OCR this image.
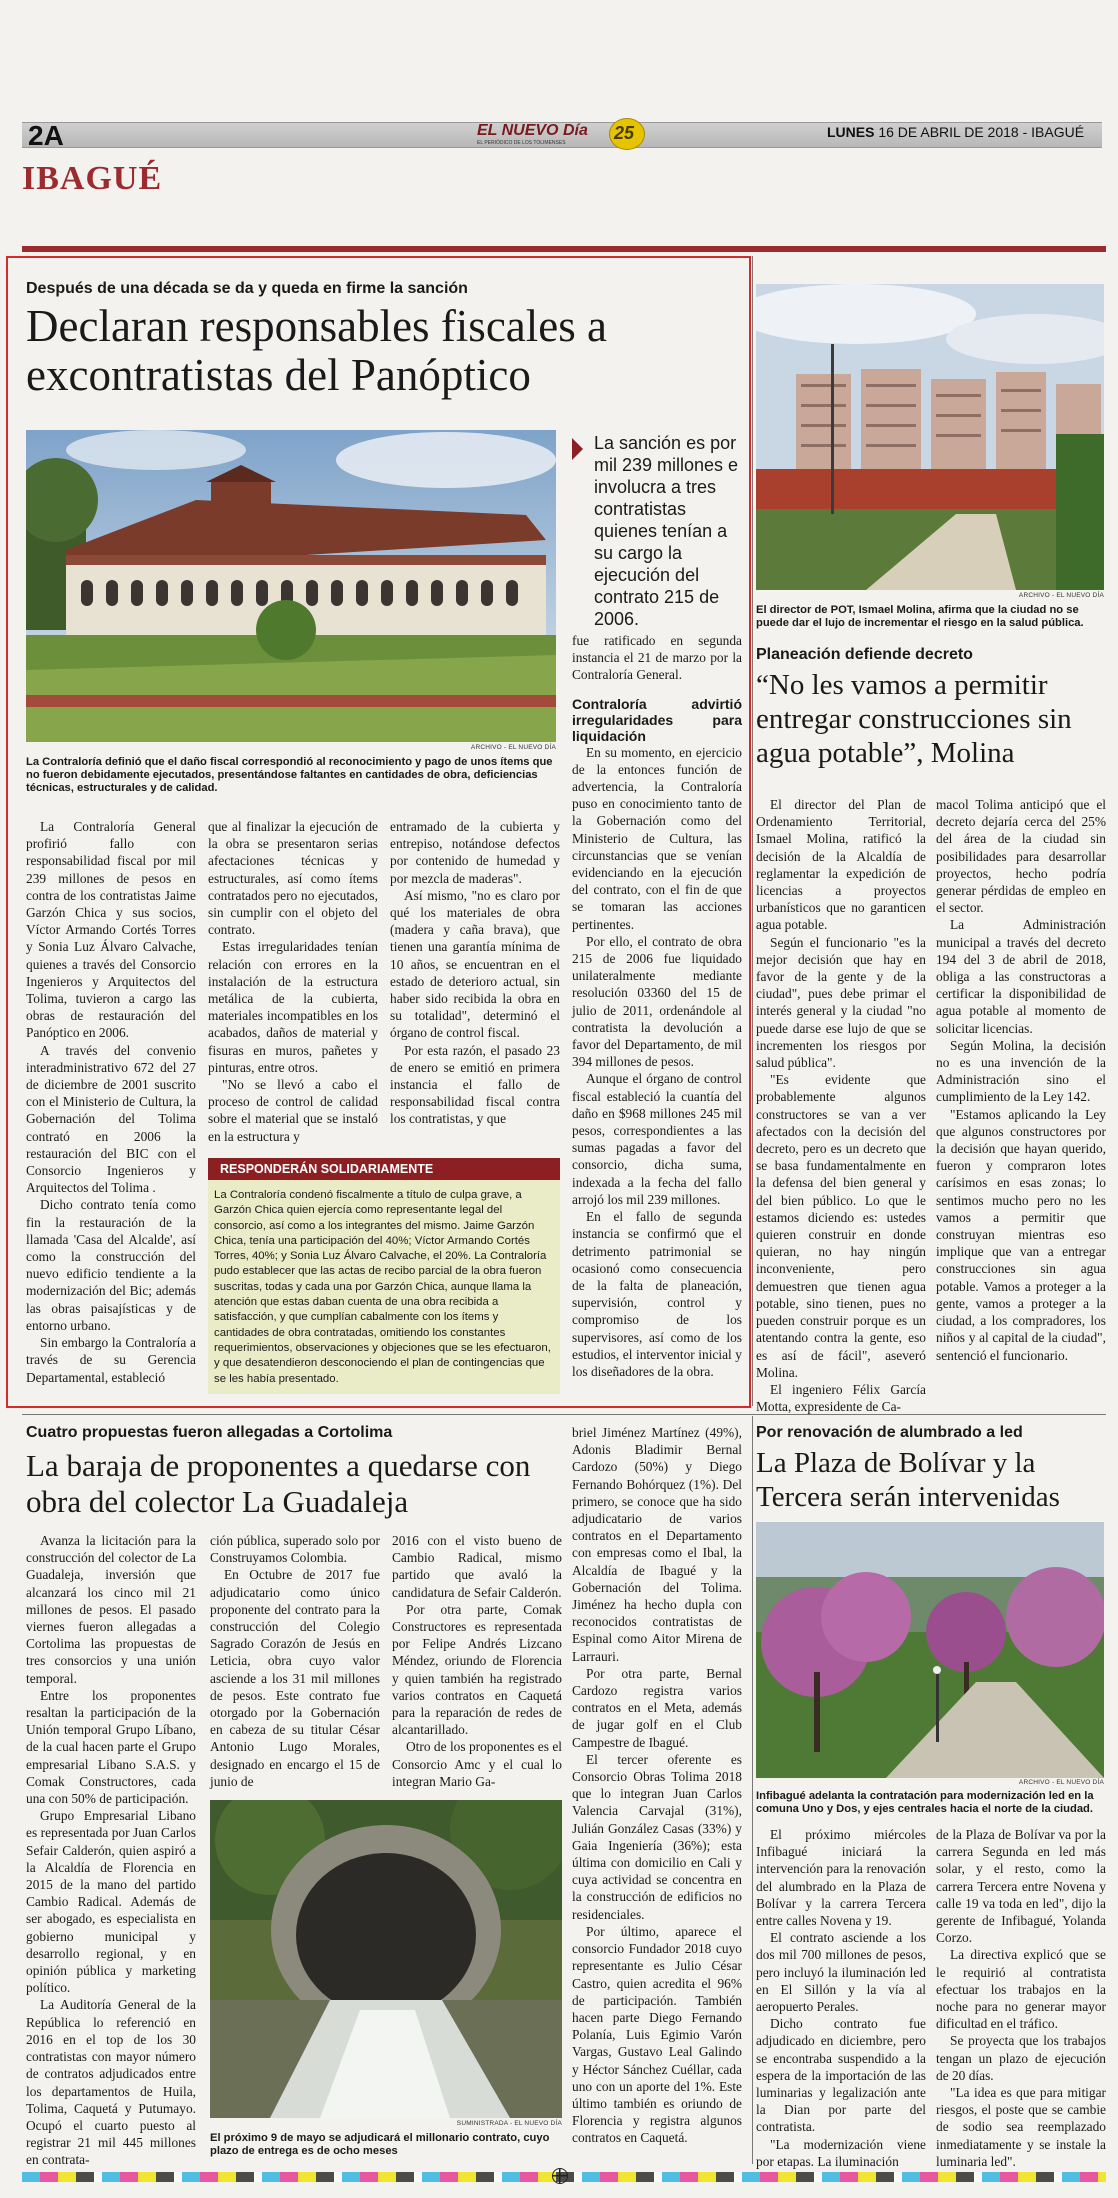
2A	EL NUEVO Día
EL PERIÓDICO DE LOS TOLIMENSES	25	LUNES 16 DE ABRIL DE 2018 - IBAGUÉ
IBAGUÉ
Después de una década se da y queda en firme la sanción
Declaran responsables fiscales a excontratistas del Panóptico
ARCHIVO - EL NUEVO DÍA
La Contraloría definió que el daño fiscal correspondió al reconocimiento y pago de unos ítems que no fueron debidamente ejecutados, presentándose faltantes en cantidades de obra, deficiencias técnicas, estructurales y de calidad.
La sanción es por mil 239 millones e involucra a tres contratistas quienes tenían a su cargo la ejecución del contrato 215 de 2006.

La Contraloría General profirió fallo con responsabilidad fiscal por mil 239 millones de pesos en contra de los contratistas Jaime Garzón Chica y sus socios, Víctor Armando Cortés Torres y Sonia Luz Álvaro Calvache, quienes a través del Consorcio Ingenieros y Arquitectos del Tolima, tuvieron a cargo las obras de restauración del Panóptico en 2006.

A través del convenio interadministrativo 672 del 27 de diciembre de 2001 suscrito con el Ministerio de Cultura, la Gobernación del Tolima contrató en 2006 la restauración del BIC con el Consorcio Ingenieros y Arquitectos del Tolima .

Dicho contrato tenía como fin la restauración de la llamada 'Casa del Alcalde', así como la construcción del nuevo edificio tendiente a la modernización del Bic; además las obras paisajísticas y de entorno urbano.

Sin embargo la Contraloría a través de su Gerencia Departamental, estableció

que al finalizar la ejecución de la obra se presentaron serias afectaciones técnicas y estructurales, así como ítems contratados pero no ejecutados, sin cumplir con el objeto del contrato.

Estas irregularidades tenían relación con errores en la instalación de la estructura metálica de la cubierta, materiales incompatibles en los acabados, daños de material y fisuras en muros, pañetes y pinturas, entre otros.

"No se llevó a cabo el proceso de control de calidad sobre el material que se instaló en la estructura y

entramado de la cubierta y entrepiso, notándose defectos por contenido de humedad y por mezcla de maderas".

Así mismo, "no es claro por qué los materiales de obra (madera y caña brava), que tienen una garantía mínima de 10 años, se encuentran en el estado de deterioro actual, sin haber sido recibida la obra en su totalidad", determinó el órgano de control fiscal.

Por esta razón, el pasado 23 de enero se emitió en primera instancia el fallo de responsabilidad fiscal contra los contratistas, y que

RESPONDERÁN SOLIDARIAMENTE
La Contraloría condenó fiscalmente a título de culpa grave, a Garzón Chica quien ejercía como representante legal del consorcio, así como a los integrantes del mismo. Jaime Garzón Chica, tenía una participación del 40%; Víctor Armando Cortés Torres, 40%; y Sonia Luz Álvaro Calvache, el 20%. La Contraloría pudo establecer que las actas de recibo parcial de la obra fueron suscritas, todas y cada una por Garzón Chica, aunque llama la atención que estas daban cuenta de una obra recibida a satisfacción, y que cumplían cabalmente con los ítems y cantidades de obra contratadas, omitiendo los constantes requerimientos, observaciones y objeciones que se les efectuaron, y que desatendieron desconociendo el plan de contingencias que se les había presentado.

fue ratificado en segunda instancia el 21 de marzo por la Contraloría General.

Contraloría advirtió irregularidades para liquidación

En su momento, en ejercicio de la entonces función de advertencia, la Contraloría puso en conocimiento tanto de la Gobernación como del Ministerio de Cultura, las circunstancias que se venían evidenciando en la ejecución del contrato, con el fin de que se tomaran las acciones pertinentes.

Por ello, el contrato de obra 215 de 2006 fue liquidado unilateralmente mediante resolución 03360 del 15 de julio de 2011, ordenándole al contratista la devolución a favor del Departamento, de mil 394 millones de pesos.

Aunque el órgano de control fiscal estableció la cuantía del daño en $968 millones 245 mil pesos, correspondientes a las sumas pagadas a favor del consorcio, dicha suma, indexada a la fecha del fallo arrojó los mil 239 millones.

En el fallo de segunda instancia se confirmó que el detrimento patrimonial se ocasionó como consecuencia de la falta de planeación, supervisión, control y compromiso de los supervisores, así como de los estudios, el interventor inicial y los diseñadores de la obra.

ARCHIVO - EL NUEVO DÍA
El director de POT, Ismael Molina, afirma que la ciudad no se puede dar el lujo de incrementar el riesgo en la salud pública.
Planeación defiende decreto
“No les vamos a permitir entregar construcciones sin agua potable”, Molina

El director del Plan de Ordenamiento Territorial, Ismael Molina, ratificó la decisión de la Alcaldía de reglamentar la expedición de licencias a proyectos urbanísticos que no garanticen agua potable.

Según el funcionario "es la mejor decisión que hay en favor de la gente y de la ciudad", pues debe primar el interés general y la ciudad "no puede darse ese lujo de que se incrementen los riesgos por salud pública".

"Es evidente que probablemente algunos constructores se van a ver afectados con la decisión del decreto, pero es un decreto que se basa fundamentalmente en la defensa del bien general y del bien público. Lo que le estamos diciendo es: ustedes quieren construir en donde quieran, no hay ningún inconveniente, pero demuestren que tienen agua potable, sino tienen, pues no pueden construir porque es un atentando contra la gente, eso es así de fácil", aseveró Molina.

El ingeniero Félix García Motta, expresidente de Ca-

macol Tolima anticipó que el decreto dejaría cerca del 25% del área de la ciudad sin posibilidades para desarrollar proyectos, hecho podría generar pérdidas de empleo en el sector.

La Administración municipal a través del decreto 194 del 3 de abril de 2018, obliga a las constructoras a certificar la disponibilidad de agua potable al momento de solicitar licencias.

Según Molina, la decisión no es una invención de la Administración sino el cumplimiento de la Ley 142.

"Estamos aplicando la Ley que algunos constructores por la decisión que hayan querido, fueron y compraron lotes carísimos en esas zonas; lo sentimos mucho pero no les vamos a permitir que construyan mientras eso implique que van a entregar construcciones sin agua potable. Vamos a proteger a la gente, vamos a proteger a la ciudad, a los compradores, los niños y al capital de la ciudad", sentenció el funcionario.

Cuatro propuestas fueron allegadas a Cortolima
La baraja de proponentes a quedarse con obra del colector La Guadaleja

Avanza la licitación para la construcción del colector de La Guadaleja, inversión que alcanzará los cinco mil 21 millones de pesos. El pasado viernes fueron allegadas a Cortolima las propuestas de tres consorcios y una unión temporal.

Entre los proponentes resaltan la participación de la Unión temporal Grupo Líbano, de la cual hacen parte el Grupo empresarial Libano S.A.S. y Comak Constructores, cada una con 50% de participación.

Grupo Empresarial Libano es representada por Juan Carlos Sefair Calderón, quien aspiró a la Alcaldía de Florencia en 2015 de la mano del partido Cambio Radical. Además de ser abogado, es especialista en gobierno municipal y desarrollo regional, y en opinión pública y marketing político.

La Auditoría General de la República lo referenció en 2016 en el top de los 30 contratistas con mayor número de contratos adjudicados entre los departamentos de Huila, Tolima, Caquetá y Putumayo. Ocupó el cuarto puesto al registrar 21 mil 445 millones en contrata-

ción pública, superado solo por Construyamos Colombia.

En Octubre de 2017 fue adjudicatario como único proponente del contrato para la construcción del Colegio Sagrado Corazón de Jesús en Leticia, obra cuyo valor asciende a los 31 mil millones de pesos. Este contrato fue otorgado por la Gobernación en cabeza de su titular César Antonio Lugo Morales, designado en encargo el 15 de junio de

2016 con el visto bueno de Cambio Radical, mismo partido que avaló la candidatura de Sefair Calderón.

Por otra parte, Comak Constructores es representada por Felipe Andrés Lizcano Méndez, oriundo de Florencia y quien también ha registrado varios contratos en Caquetá para la reparación de redes de alcantarillado.

Otro de los proponentes es el Consorcio Amc y el cual lo integran Mario Ga-

briel Jiménez Martínez (49%), Adonis Bladimir Bernal Cardozo (50%) y Diego Fernando Bohórquez (1%). Del primero, se conoce que ha sido adjudicatario de varios contratos en el Departamento con empresas como el Ibal, la Alcaldía de Ibagué y la Gobernación del Tolima. Jiménez ha hecho dupla con reconocidos contratistas de Espinal como Aitor Mirena de Larrauri.

Por otra parte, Bernal Cardozo registra varios contratos en el Meta, además de jugar golf en el Club Campestre de Ibagué.

El tercer oferente es Consorcio Obras Tolima 2018 que lo integran Juan Carlos Valencia Carvajal (31%), Julián González Casas (33%) y Gaia Ingeniería (36%); esta última con domicilio en Cali y cuya actividad se concentra en la construcción de edificios no residenciales.

Por último, aparece el consorcio Fundador 2018 cuyo representante es Julio César Castro, quien acredita el 96% de participación. También hacen parte Diego Fernando Polanía, Luis Egimio Varón Vargas, Gustavo Leal Galindo y Héctor Sánchez Cuéllar, cada uno con un aporte del 1%. Este último también es oriundo de Florencia y registra algunos contratos en Caquetá.

SUMINISTRADA - EL NUEVO DÍA
El próximo 9 de mayo se adjudicará el millonario contrato, cuyo plazo de entrega es de ocho meses
Por renovación de alumbrado a led
La Plaza de Bolívar y la Tercera serán intervenidas
ARCHIVO - EL NUEVO DÍA
Infibagué adelanta la contratación para modernización led en la comuna Uno y Dos, y ejes centrales hacia el norte de la ciudad.

El próximo miércoles Infibagué iniciará la intervención para la renovación del alumbrado en la Plaza de Bolívar y la carrera Tercera entre calles Novena y 19.

El contrato asciende a los dos mil 700 millones de pesos, pero incluyó la iluminación led en El Sillón y la vía al aeropuerto Perales.

Dicho contrato fue adjudicado en diciembre, pero se encontraba suspendido a la espera de la importación de las luminarias y legalización ante la Dian por parte del contratista.

"La modernización viene por etapas. La iluminación

de la Plaza de Bolívar va por la carrera Segunda en led más solar, y el resto, como la carrera Tercera entre Novena y calle 19 va toda en led", dijo la gerente de Infibagué, Yolanda Corzo.

La directiva explicó que se le requirió al contratista efectuar los trabajos en la noche para no generar mayor dificultad en el tráfico.

Se proyecta que los trabajos tengan un plazo de ejecución de 20 días.

"La idea es que para mitigar riesgos, el poste que se cambie de sodio sea reemplazado inmediatamente y se instale la luminaria led".
